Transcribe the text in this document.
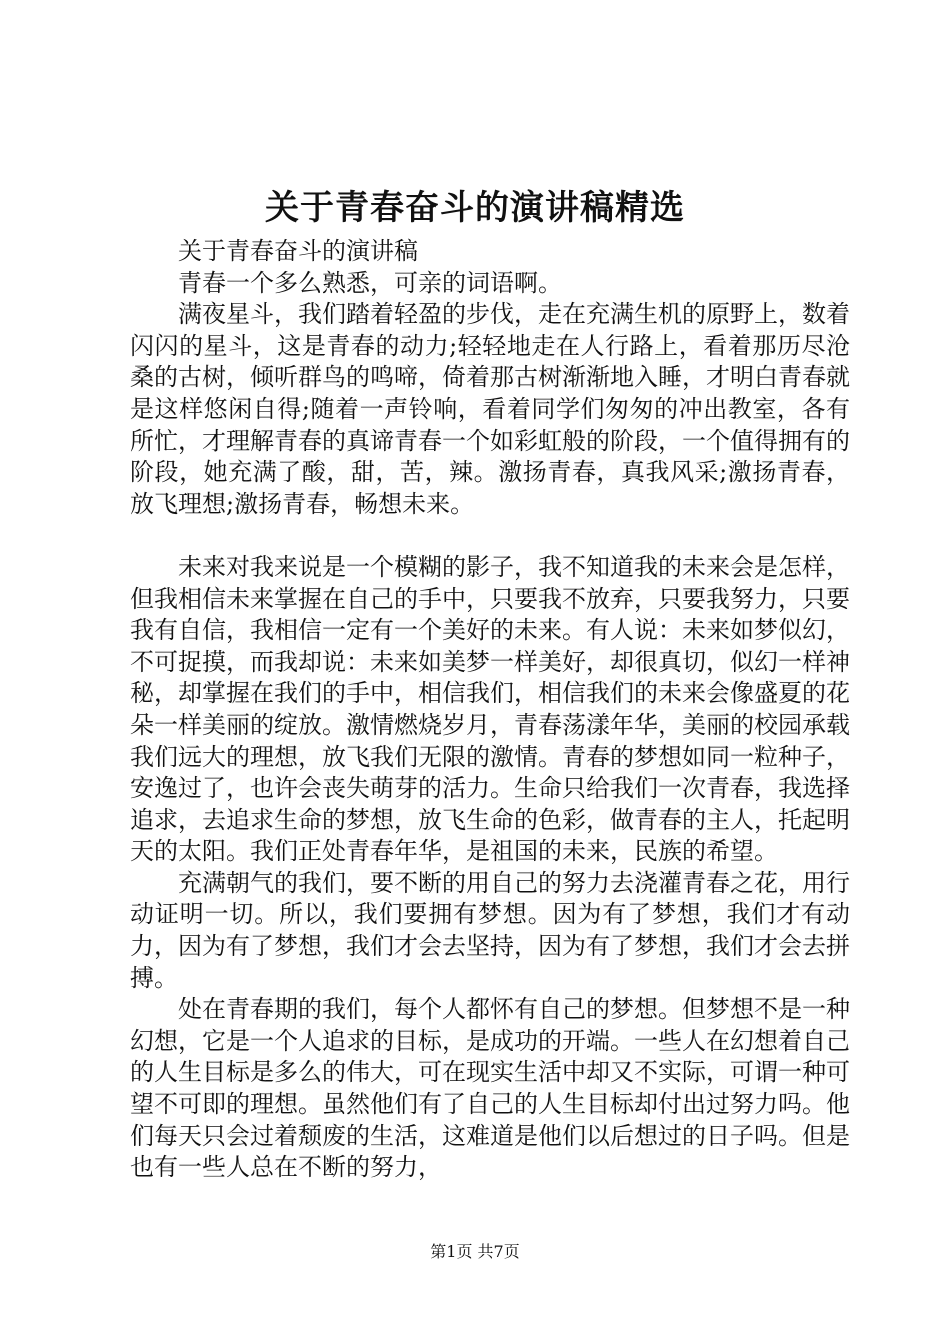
关于青春奋斗的演讲稿精选

关于青春奋斗的演讲稿

青春一个多么熟悉，可亲的词语啊。

满夜星斗，我们踏着轻盈的步伐，走在充满生机的原野上，数着闪闪的星斗，这是青春的动力;轻轻地走在人行路上，看着那历尽沧桑的古树，倾听群鸟的鸣啼，倚着那古树渐渐地入睡，才明白青春就是这样悠闲自得;随着一声铃响，看着同学们匆匆的冲出教室，各有所忙，才理解青春的真谛青春一个如彩虹般的阶段，一个值得拥有的阶段，她充满了酸，甜，苦，辣。激扬青春，真我风采;激扬青春，放飞理想;激扬青春，畅想未来。

未来对我来说是一个模糊的影子，我不知道我的未来会是怎样，但我相信未来掌握在自己的手中，只要我不放弃，只要我努力，只要我有自信，我相信一定有一个美好的未来。有人说：未来如梦似幻，不可捉摸，而我却说：未来如美梦一样美好，却很真切，似幻一样神秘，却掌握在我们的手中，相信我们，相信我们的未来会像盛夏的花朵一样美丽的绽放。激情燃烧岁月，青春荡漾年华，美丽的校园承载我们远大的理想，放飞我们无限的激情。青春的梦想如同一粒种子，安逸过了，也许会丧失萌芽的活力。生命只给我们一次青春，我选择追求，去追求生命的梦想，放飞生命的色彩，做青春的主人，托起明天的太阳。我们正处青春年华，是祖国的未来，民族的希望。

充满朝气的我们，要不断的用自己的努力去浇灌青春之花，用行动证明一切。所以，我们要拥有梦想。因为有了梦想，我们才有动力，因为有了梦想，我们才会去坚持，因为有了梦想，我们才会去拼搏。

处在青春期的我们，每个人都怀有自己的梦想。但梦想不是一种幻想，它是一个人追求的目标，是成功的开端。一些人在幻想着自己的人生目标是多么的伟大，可在现实生活中却又不实际，可谓一种可望不可即的理想。虽然他们有了自己的人生目标却付出过努力吗。他们每天只会过着颓废的生活，这难道是他们以后想过的日子吗。但是也有一些人总在不断的努力，

第1页 共7页
